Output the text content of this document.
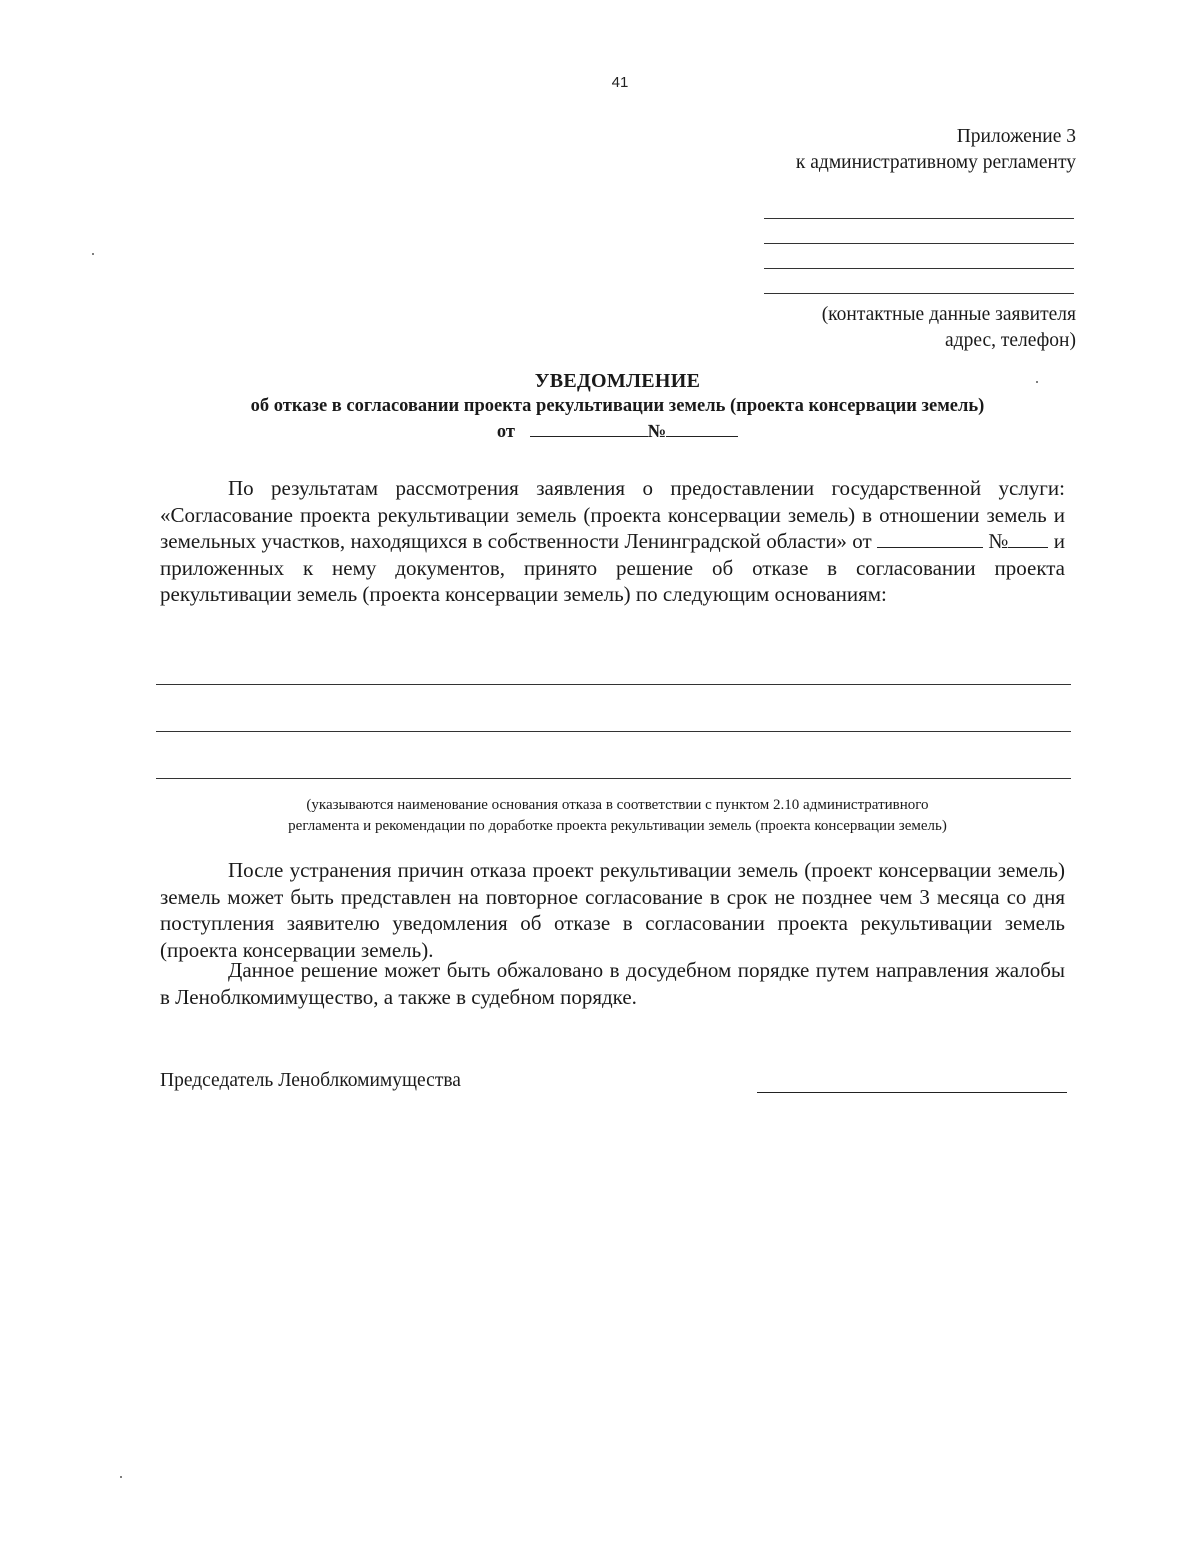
41
Приложение 3
к административному регламенту
(контактные данные заявителя
адрес, телефон)
УВЕДОМЛЕНИЕ
об отказе в согласовании проекта рекультивации земель (проекта консервации земель)
от	№
По результатам рассмотрения заявления о предоставлении государственной услуги: «Согласование проекта рекультивации земель (проекта консервации земель) в отношении земель и земельных участков, находящихся в собственности Ленинградской области» от	№ и приложенных к нему документов, принято решение об отказе в согласовании проекта рекультивации земель (проекта консервации земель) по следующим основаниям:
(указываются наименование основания отказа в соответствии с пунктом 2.10 административного
регламента и рекомендации по доработке проекта рекультивации земель (проекта консервации земель)
После устранения причин отказа проект рекультивации земель (проект консервации земель) земель может быть представлен на повторное согласование в срок не позднее чем 3 месяца со дня поступления заявителю уведомления об отказе в согласовании проекта рекультивации земель (проекта консервации земель).
Данное решение может быть обжаловано в досудебном порядке путем направления жалобы в Леноблкомимущество, а также в судебном порядке.
Председатель Леноблкомимущества
